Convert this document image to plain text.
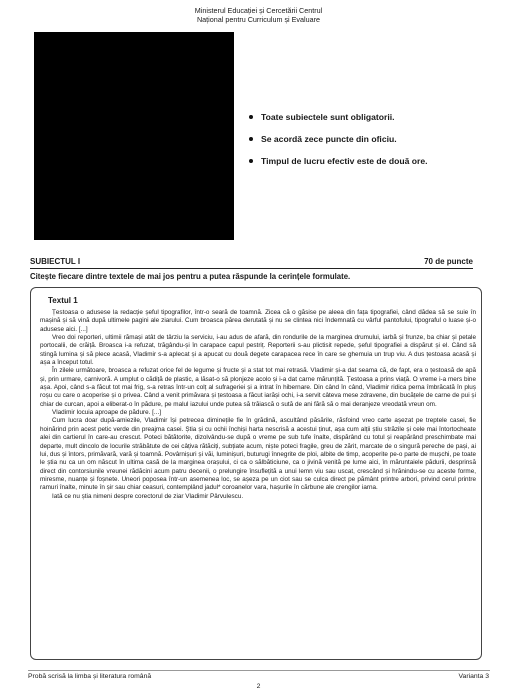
Ministerul Educației și Cercetării Centrul
Național pentru Curriculum și Evaluare
Toate subiectele sunt obligatorii.
Se acordă zece puncte din oficiu.
Timpul de lucru efectiv este de două ore.
SUBIECTUL I	70 de puncte
Citește fiecare dintre textele de mai jos pentru a putea răspunde la cerințele formulate.
Textul 1

Țestoasa o adusese la redacție șeful tipografilor, într-o seară de toamnă. Zicea că o găsise pe aleea din fața tipografiei, când dădea să se suie în mașină și să vină după ultimele pagini ale ziarului. Cum broasca părea derutată și nu se clintea nici îndemnată cu vârful pantofului, tipograful o luase și-o adusese aici. [...]

Vreo doi reporteri, ultimii rămași atât de târziu la serviciu, i-au adus de afară, din rondurile de la marginea drumului, iarbă și frunze, ba chiar și petale portocalii, de crăiță. Broasca i-a refuzat, trăgându-și în carapace capul pestriț. Reporterii s-au plictisit repede, șeful tipografiei a dispărut și el. Când să stingă lumina și să plece acasă, Vladimir s-a aplecat și a apucat cu două degete carapacea rece în care se ghemuia un trup viu. A dus țestoasa acasă și așa a început totul.

În zilele următoare, broasca a refuzat orice fel de legume și fructe și a stat tot mai retrasă. Vladimir și-a dat seama că, de fapt, era o țestoasă de apă și, prin urmare, carnivoră. A umplut o cădiță de plastic, a lăsat-o să plonjeze acolo și i-a dat carne mărunțită. Țestoasa a prins viață. O vreme i-a mers bine așa. Apoi, când s-a făcut tot mai frig, s-a retras într-un colț al sufrageriei și a intrat în hibernare. Din când în când, Vladimir ridica perna îmbrăcată în pluș roșu cu care o acoperise și o privea. Când a venit primăvara și țestoasa a făcut iarăși ochi, i-a servit câteva mese zdravene, din bucățele de carne de pui și chiar de curcan, apoi a eliberat-o în pădure, pe malul iazului unde putea să trăiască o sută de ani fără să o mai deranjeze vreodată vreun om.

Vladimir locuia aproape de pădure. [...]

Cum lucra doar după-amiezile, Vladimir își petrecea diminețile fie în grădină, ascultând păsările, răsfoind vreo carte așezat pe treptele casei, fie hoinărind prin acest petic verde din preajma casei. Știa și cu ochii închiși harta nescrisă a acestui ținut, așa cum alții știu străzile și cele mai întortocheate alei din cartierul în care-au crescut. Poteci bătătorite, dizolvându-se după o vreme pe sub tufe înalte, dispărând cu totul și reapărând preschimbate mai departe, mult dincolo de locurile străbătute de cei câțiva rătăciți, subțiate acum, niște poteci fragile, greu de zărit, marcate de o singură pereche de pași, ai lui, dus și întors, primăvară, vară și toamnă. Povârnișuri și văi, luminișuri, buturugi înnegrite de ploi, albite de timp, acoperite pe-o parte de mușchi, pe toate le știa nu ca un om născut în ultima casă de la marginea orașului, ci ca o sălbăticiune, ca o jivină venită pe lume aici, în măruntaiele pădurii, desprinsă direct din contorsiunile vreunei rădăcini acum patru decenii, o prelungire însuflețită a unui lemn viu sau uscat, crescând și hrănindu-se cu aceste forme, miresme, nuanțe și foșnete. Uneori poposea într-un asemenea loc, se așeza pe un ciot sau se culca direct pe pământ printre arbori, privind cerul printre ramuri înalte, minute în șir sau chiar ceasuri, contemplând jadul* coroanelor vara, hașurile în cărbune ale crengilor iarna.

Iată ce nu știa nimeni despre corectorul de ziar Vladimir Pârvulescu.

Probă scrisă la limba și literatura română	Varianta 3
2
